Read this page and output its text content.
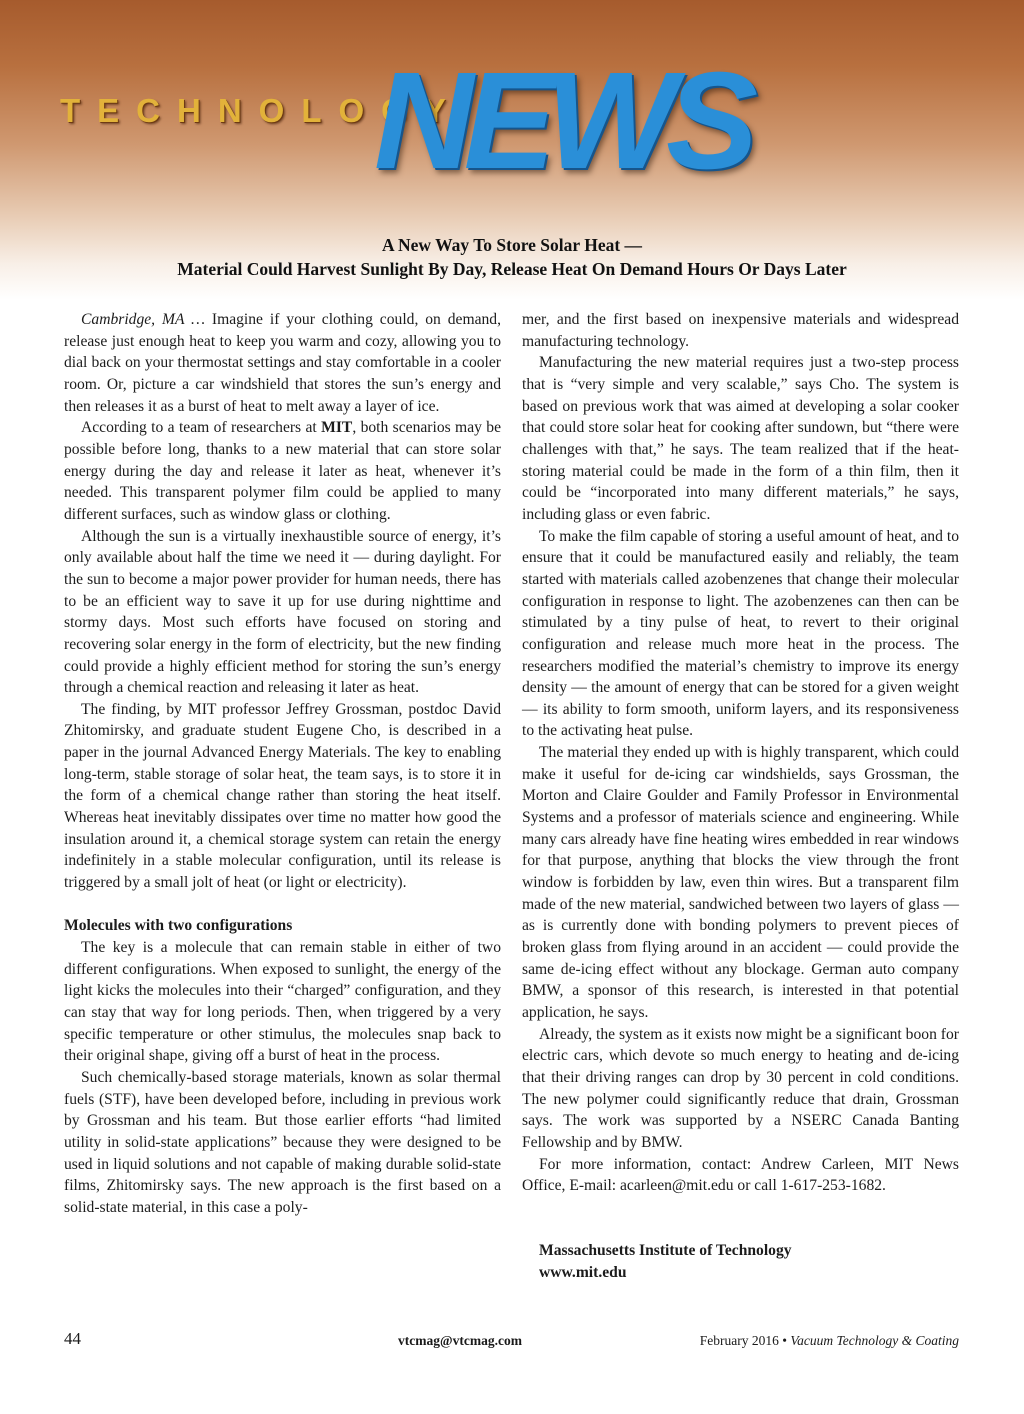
TECHNOLOGY
NEWS
A New Way To Store Solar Heat —
Material Could Harvest Sunlight By Day, Release Heat On Demand Hours Or Days Later

Cambridge, MA … Imagine if your clothing could, on demand, release just enough heat to keep you warm and cozy, allowing you to dial back on your thermostat settings and stay comfortable in a cooler room. Or, picture a car windshield that stores the sun’s energy and then releases it as a burst of heat to melt away a layer of ice.

According to a team of researchers at MIT, both scenarios may be possible before long, thanks to a new material that can store solar energy during the day and release it later as heat, whenever it’s needed. This transparent polymer film could be applied to many different surfaces, such as window glass or clothing.

Although the sun is a virtually inexhaustible source of energy, it’s only available about half the time we need it — during daylight. For the sun to become a major power provider for human needs, there has to be an efficient way to save it up for use during nighttime and stormy days. Most such efforts have focused on storing and recovering solar energy in the form of electricity, but the new finding could provide a highly efficient method for storing the sun’s energy through a chemical reaction and releasing it later as heat.

The finding, by MIT professor Jeffrey Grossman, postdoc David Zhitomirsky, and graduate student Eugene Cho, is described in a paper in the journal Advanced Energy Materials. The key to enabling long-term, stable storage of solar heat, the team says, is to store it in the form of a chemical change rather than storing the heat itself. Whereas heat inevitably dissipates over time no matter how good the insulation around it, a chemical storage system can retain the energy indefinitely in a stable molecular configuration, until its release is triggered by a small jolt of heat (or light or electricity).

Molecules with two configurations

The key is a molecule that can remain stable in either of two different configurations. When exposed to sunlight, the energy of the light kicks the molecules into their “charged” configuration, and they can stay that way for long periods. Then, when triggered by a very specific temperature or other stimulus, the molecules snap back to their original shape, giving off a burst of heat in the process.

Such chemically-based storage materials, known as solar thermal fuels (STF), have been developed before, including in previous work by Grossman and his team. But those earlier efforts “had limited utility in solid-state applications” because they were designed to be used in liquid solutions and not capable of making durable solid-state films, Zhitomirsky says. The new approach is the first based on a solid-state material, in this case a poly-

mer, and the first based on inexpensive materials and widespread manufacturing technology.

Manufacturing the new material requires just a two-step process that is “very simple and very scalable,” says Cho. The system is based on previous work that was aimed at developing a solar cooker that could store solar heat for cooking after sundown, but “there were challenges with that,” he says. The team realized that if the heat-storing material could be made in the form of a thin film, then it could be “incorporated into many different materials,” he says, including glass or even fabric.

To make the film capable of storing a useful amount of heat, and to ensure that it could be manufactured easily and reliably, the team started with materials called azobenzenes that change their molecular configuration in response to light. The azobenzenes can then can be stimulated by a tiny pulse of heat, to revert to their original configuration and release much more heat in the process. The researchers modified the material’s chemistry to improve its energy density — the amount of energy that can be stored for a given weight — its ability to form smooth, uniform layers, and its responsiveness to the activating heat pulse.

The material they ended up with is highly transparent, which could make it useful for de-icing car windshields, says Grossman, the Morton and Claire Goulder and Family Professor in Environmental Systems and a professor of materials science and engineering. While many cars already have fine heating wires embedded in rear windows for that purpose, anything that blocks the view through the front window is forbidden by law, even thin wires. But a transparent film made of the new material, sandwiched between two layers of glass — as is currently done with bonding polymers to prevent pieces of broken glass from flying around in an accident — could provide the same de-icing effect without any blockage. German auto company BMW, a sponsor of this research, is interested in that potential application, he says.

Already, the system as it exists now might be a significant boon for electric cars, which devote so much energy to heating and de-icing that their driving ranges can drop by 30 percent in cold conditions. The new polymer could significantly reduce that drain, Grossman says. The work was supported by a NSERC Canada Banting Fellowship and by BMW.

For more information, contact: Andrew Carleen, MIT News Office, E-mail: acarleen@mit.edu or call 1-617-253-1682.

Massachusetts Institute of Technology
www.mit.edu
44	vtcmag@vtcmag.com	February 2016 • Vacuum Technology & Coating
